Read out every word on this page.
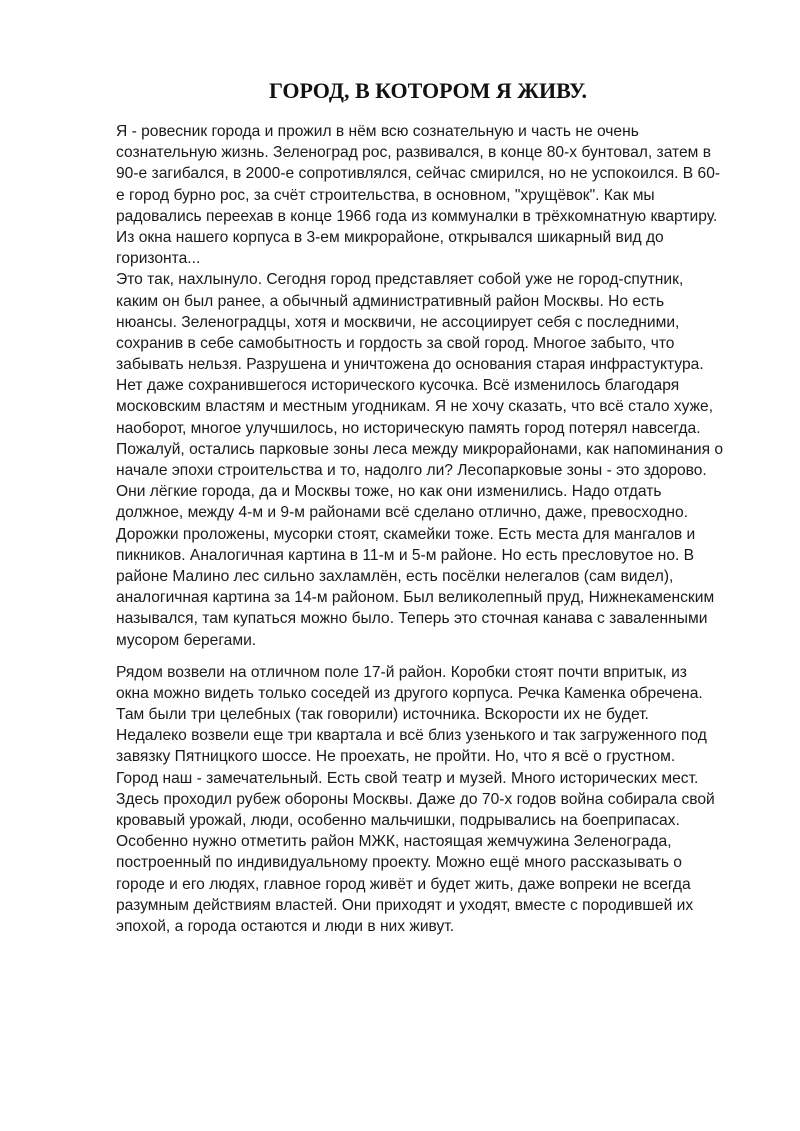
ГОРОД, В КОТОРОМ Я ЖИВУ.
Я - ровесник города и прожил в нём всю сознательную и часть не очень
сознательную жизнь. Зеленоград рос, развивался, в конце 80-х бунтовал, затем в
90-е загибался, в 2000-е сопротивлялся, сейчас смирился, но не успокоился. В 60-
е город бурно рос, за счёт строительства, в основном, "хрущёвок". Как мы
радовались переехав в конце 1966 года из коммуналки в трёхкомнатную квартиру.
Из окна нашего корпуса в 3-ем микрорайоне, открывался шикарный вид до
горизонта...
Это так, нахлынуло. Сегодня город представляет собой уже не город-спутник,
каким он был ранее, а обычный административный район Москвы. Но есть
нюансы. Зеленоградцы, хотя и москвичи, не ассоциирует себя с последними,
сохранив в себе самобытность и гордость за свой город. Многое забыто, что
забывать нельзя. Разрушена и уничтожена до основания старая инфрастуктура.
Нет даже сохранившегося исторического кусочка. Всё изменилось благодаря
московским властям и местным угодникам. Я не хочу сказать, что всё стало хуже,
наоборот, многое улучшилось, но историческую память город потерял навсегда.
Пожалуй, остались парковые зоны леса между микрорайонами, как напоминания о
начале эпохи строительства и то, надолго ли? Лесопарковые зоны - это здорово.
Они лёгкие города, да и Москвы тоже, но как они изменились. Надо отдать
должное, между 4-м и 9-м районами всё сделано отлично, даже, превосходно.
Дорожки проложены, мусорки стоят, скамейки тоже. Есть места для мангалов и
пикников. Аналогичная картина в 11-м и 5-м районе. Но есть пресловутое но. В
районе Малино лес сильно захламлён, есть посёлки нелегалов (сам видел),
аналогичная картина за 14-м районом. Был великолепный пруд, Нижнекаменским
назывался, там купаться можно было. Теперь это сточная канава с заваленными
мусором берегами.
Рядом возвели на отличном поле 17-й район. Коробки стоят почти впритык, из
окна можно видеть только соседей из другого корпуса. Речка Каменка обречена.
Там были три целебных (так говорили) источника. Вскорости их не будет.
Недалеко возвели еще три квартала и всё близ узенького и так загруженного под
завязку Пятницкого шоссе. Не проехать, не пройти. Но, что я всё о грустном.
Город наш - замечательный. Есть свой театр и музей. Много исторических мест.
Здесь проходил рубеж обороны Москвы. Даже до 70-х годов война собирала свой
кровавый урожай, люди, особенно мальчишки, подрывались на боеприпасах.
Особенно нужно отметить район МЖК, настоящая жемчужина Зеленограда,
построенный по индивидуальному проекту. Можно ещё много рассказывать о
городе и его людях, главное город живёт и будет жить, даже вопреки не всегда
разумным действиям властей. Они приходят и уходят, вместе с породившей их
эпохой, а города остаются и люди в них живут.
